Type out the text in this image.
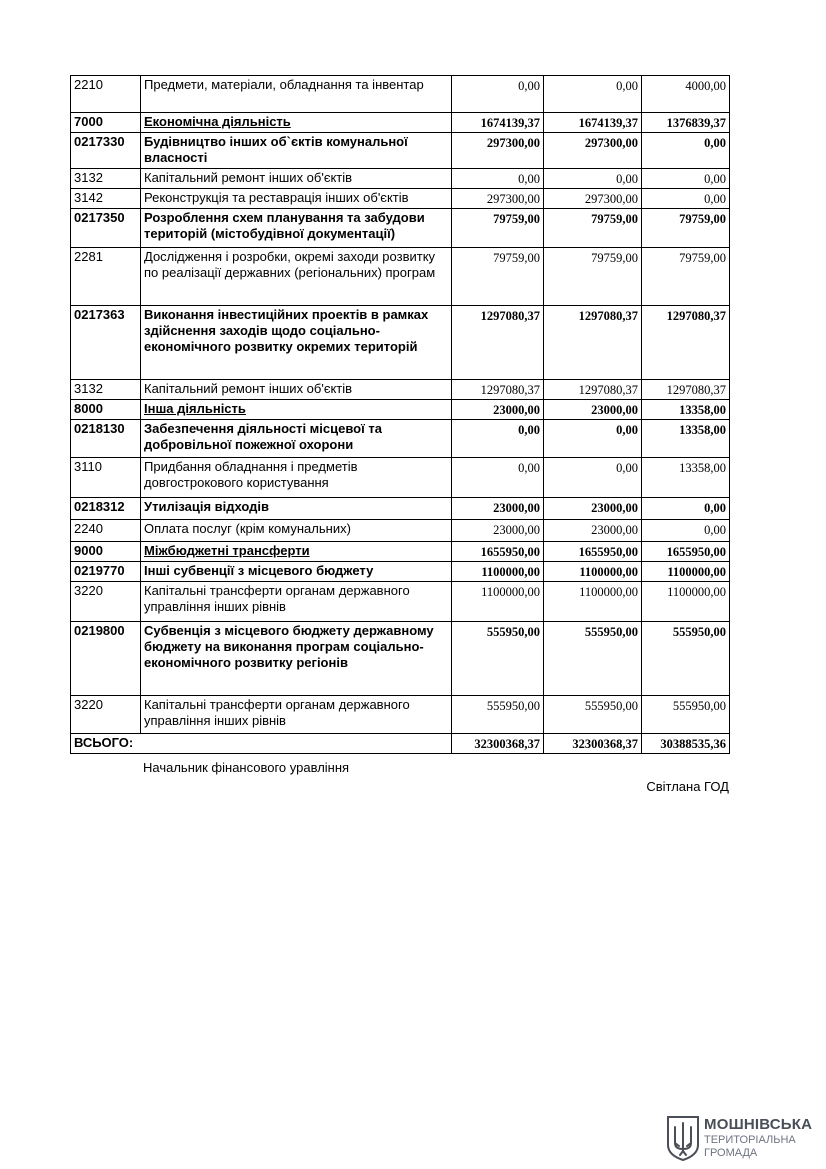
2210	Предмети, матеріали, обладнання та інвентар	0,00	0,00	4000,00
7000	Економічна діяльність	1674139,37	1674139,37	1376839,37
0217330	Будівництво інших об`єктів комунальної власності	297300,00	297300,00	0,00
3132	Капітальний ремонт інших об'єктів	0,00	0,00	0,00
3142	Реконструкція та реставрація інших об'єктів	297300,00	297300,00	0,00
0217350	Розроблення схем планування та забудови територій (містобудівної документації)	79759,00	79759,00	79759,00
2281	Дослідження і розробки, окремі заходи розвитку по реалізації державних (регіональних) програм	79759,00	79759,00	79759,00
0217363	Виконання інвестиційних проектів в рамках здійснення заходів щодо соціально-економічного розвитку окремих територій	1297080,37	1297080,37	1297080,37
3132	Капітальний ремонт інших об'єктів	1297080,37	1297080,37	1297080,37
8000	Інша діяльність	23000,00	23000,00	13358,00
0218130	Забезпечення діяльності місцевої та добровільної пожежної охорони	0,00	0,00	13358,00
3110	Придбання обладнання і предметів довгострокового користування	0,00	0,00	13358,00
0218312	Утилізація відходів	23000,00	23000,00	0,00
2240	Оплата послуг (крім комунальних)	23000,00	23000,00	0,00
9000	Міжбюджетні трансферти	1655950,00	1655950,00	1655950,00
0219770	Інші субвенції з місцевого бюджету	1100000,00	1100000,00	1100000,00
3220	Капітальні трансферти органам державного управління інших рівнів	1100000,00	1100000,00	1100000,00
0219800	Субвенція з місцевого бюджету державному бюджету на виконання програм соціально-економічного розвитку регіонів	555950,00	555950,00	555950,00
3220	Капітальні трансферти органам державного управління інших рівнів	555950,00	555950,00	555950,00
ВСЬОГО:		32300368,37	32300368,37	30388535,36
Начальник фінансового уравління
Світлана ГОД
МОШНІВСЬКА
ТЕРИТОРІАЛЬНА
ГРОМАДА
